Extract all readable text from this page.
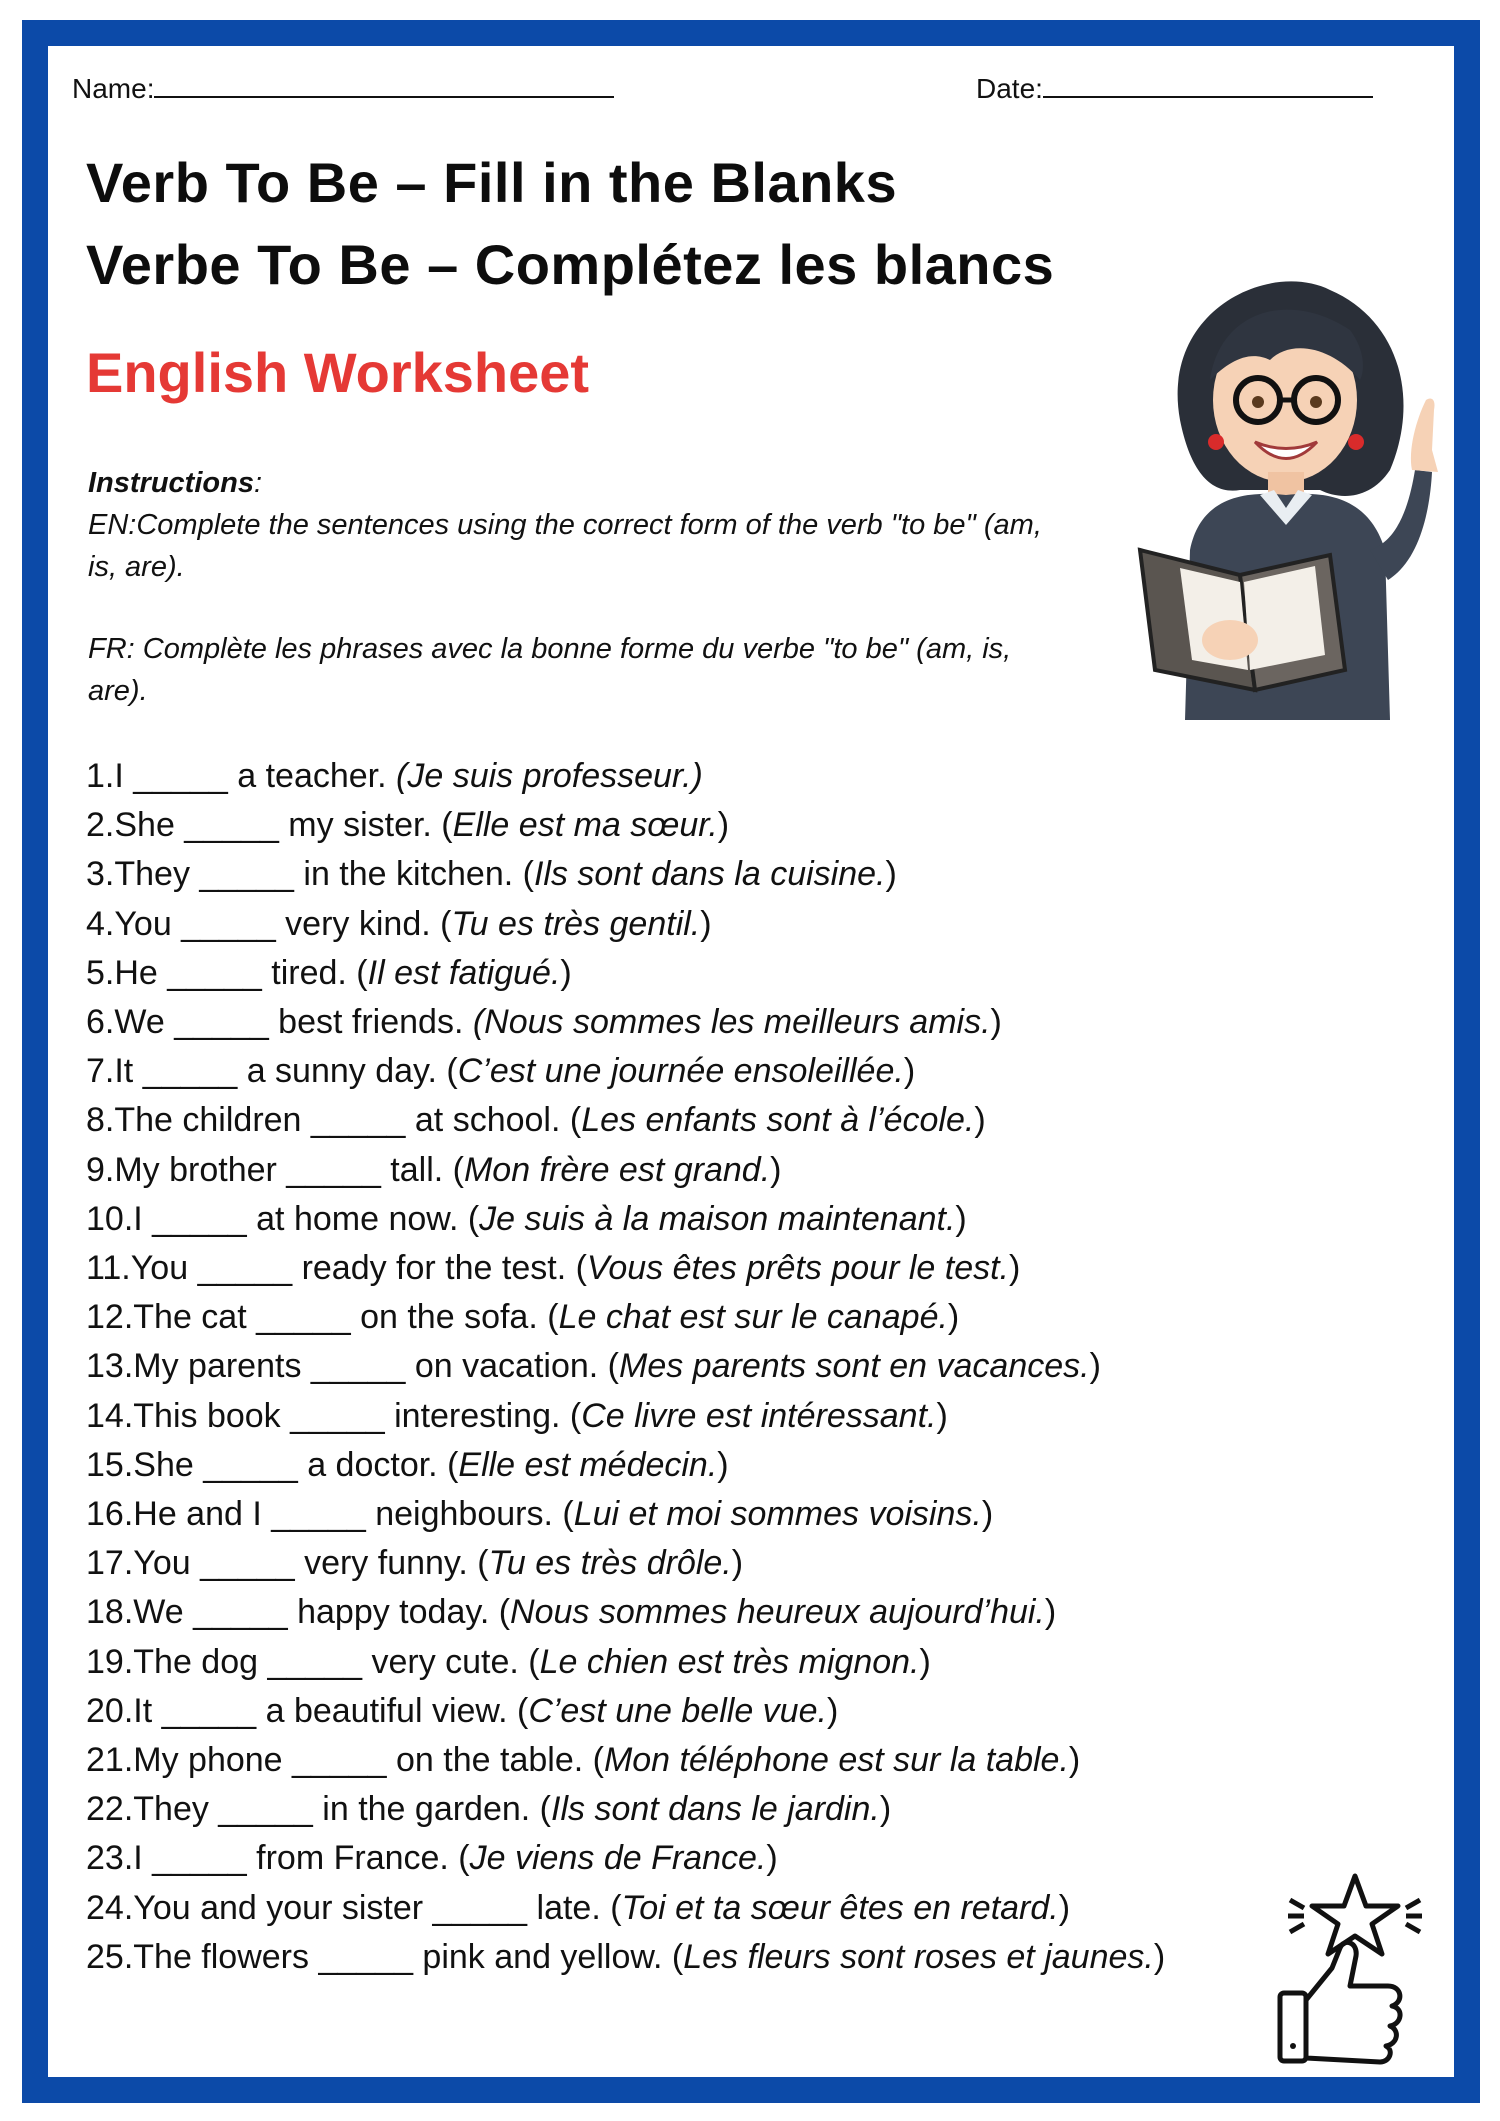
Name:	Date:
Verb To Be – Fill in the Blanks
Verbe To Be – Complétez les blancs
English Worksheet
Instructions:
EN:Complete the sentences using the correct form of the verb "to be" (am, is, are).
FR: Complète les phrases avec la bonne forme du verbe "to be" (am, is, are).
1.I _____ a teacher. (Je suis professeur.)
2.She _____ my sister. (Elle est ma sœur.)
3.They _____ in the kitchen. (Ils sont dans la cuisine.)
4.You _____ very kind. (Tu es très gentil.)
5.He _____ tired. (Il est fatigué.)
6.We _____ best friends. (Nous sommes les meilleurs amis.)
7.It _____ a sunny day. (C’est une journée ensoleillée.)
8.The children _____ at school. (Les enfants sont à l’école.)
9.My brother _____ tall. (Mon frère est grand.)
10.I _____ at home now. (Je suis à la maison maintenant.)
11.You _____ ready for the test. (Vous êtes prêts pour le test.)
12.The cat _____ on the sofa. (Le chat est sur le canapé.)
13.My parents _____ on vacation. (Mes parents sont en vacances.)
14.This book _____ interesting. (Ce livre est intéressant.)
15.She _____ a doctor. (Elle est médecin.)
16.He and I _____ neighbours. (Lui et moi sommes voisins.)
17.You _____ very funny. (Tu es très drôle.)
18.We _____ happy today. (Nous sommes heureux aujourd’hui.)
19.The dog _____ very cute. (Le chien est très mignon.)
20.It _____ a beautiful view. (C’est une belle vue.)
21.My phone _____ on the table. (Mon téléphone est sur la table.)
22.They _____ in the garden. (Ils sont dans le jardin.)
23.I _____ from France. (Je viens de France.)
24.You and your sister _____ late. (Toi et ta sœur êtes en retard.)
25.The flowers _____ pink and yellow. (Les fleurs sont roses et jaunes.)
